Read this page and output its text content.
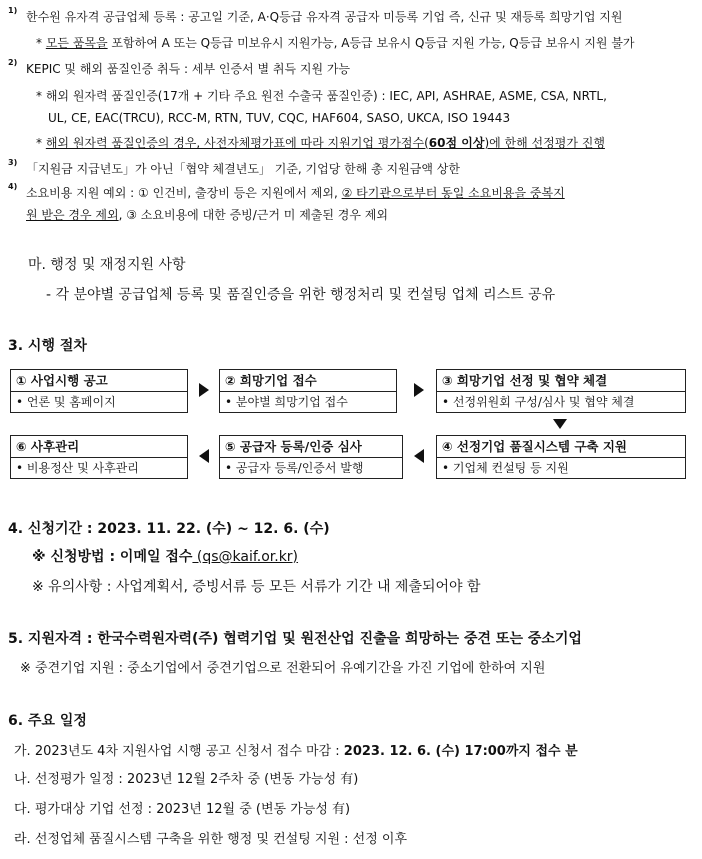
1) 한수원 유자격 공급업체 등록 : 공고일 기준, A·Q등급 유자격 공급자 미등록 기업 즉, 신규 및 재등록 희망기업 지원
* 모든 품목을 포함하여 A 또는 Q등급 미보유시 지원가능, A등급 보유시 Q등급 지원 가능, Q등급 보유시 지원 불가
2) KEPIC 및 해외 품질인증 취득 : 세부 인증서 별 취득 지원 가능
* 해외 원자력 품질인증(17개 + 기타 주요 원전 수출국 품질인증) : IEC, API, ASHRAE, ASME, CSA, NRTL,
UL, CE, EAC(TRCU), RCC-M, RTN, TUV, CQC, HAF604, SASO, UKCA, ISO 19443
* 해외 원자력 품질인증의 경우, 사전자체평가표에 따라 지원기업 평가점수(60점 이상)에 한해 선정평가 진행
3) 「지원금 지급년도」가 아닌「협약 체결년도」 기준, 기업당 한해 총 지원금액 상한
4) 소요비용 지원 예외 : ① 인건비, 출장비 등은 지원에서 제외, ② 타기관으로부터 동일 소요비용을 중복지
원 받은 경우 제외, ③ 소요비용에 대한 증빙/근거 미 제출된 경우 제외
마. 행정 및 재정지원 사항
- 각 분야별 공급업체 등록 및 품질인증을 위한 행정처리 및 컨설팅 업체 리스트 공유
3. 시행 절차
① 사업시행 공고
• 언론 및 홈페이지
② 희망기업 접수
• 분야별 희망기업 접수
③ 희망기업 선정 및 협약 체결
• 선정위원회 구성/심사 및 협약 체결
⑥ 사후관리
• 비용정산 및 사후관리
⑤ 공급자 등록/인증 심사
• 공급자 등록/인증서 발행
④ 선정기업 품질시스템 구축 지원
• 기업체 컨설팅 등 지원
4. 신청기간 : 2023. 11. 22. (수) ~ 12. 6. (수)
※ 신청방법 : 이메일 접수 (qs@kaif.or.kr)
※ 유의사항 : 사업계획서, 증빙서류 등 모든 서류가 기간 내 제출되어야 함
5. 지원자격 : 한국수력원자력(주) 협력기업 및 원전산업 진출을 희망하는 중견 또는 중소기업
※ 중견기업 지원 : 중소기업에서 중견기업으로 전환되어 유예기간을 가진 기업에 한하여 지원
6. 주요 일정
가. 2023년도 4차 지원사업 시행 공고 신청서 접수 마감 : 2023. 12. 6. (수) 17:00까지 접수 분
나. 선정평가 일정 : 2023년 12월 2주차 중 (변동 가능성 有)
다. 평가대상 기업 선정 : 2023년 12월 중 (변동 가능성 有)
라. 선정업체 품질시스템 구축을 위한 행정 및 컨설팅 지원 : 선정 이후
